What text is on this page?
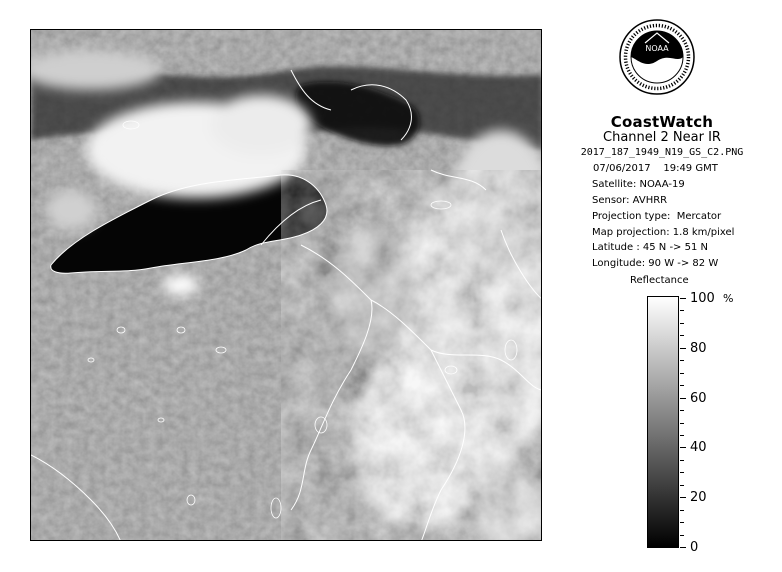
NOAA
CoastWatch
Channel 2 Near IR
2017_187_1949_N19_GS_C2.PNG
07/06/2017    19:49 GMT
Satellite: NOAA-19
Sensor: AVHRR
Projection type:  Mercator
Map projection: 1.8 km/pixel
Latitude : 45 N -> 51 N
Longitude: 90 W -> 82 W
Reflectance
%
100
80
60
40
20
0
